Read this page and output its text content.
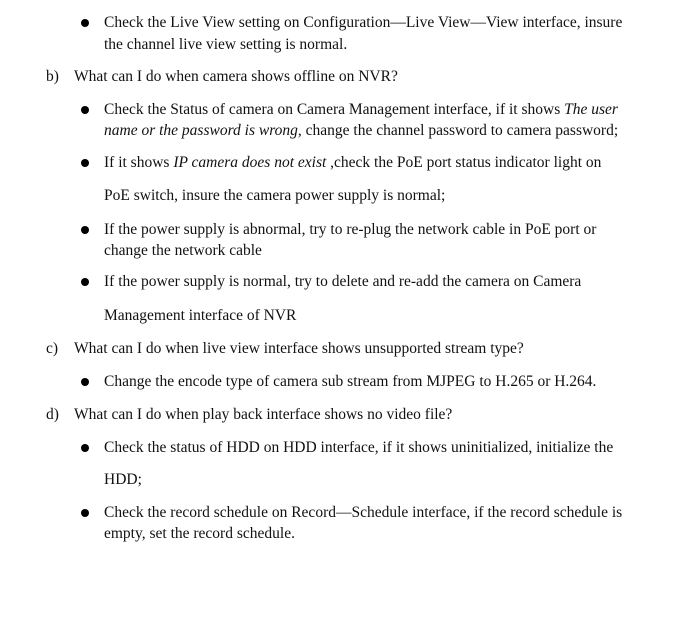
Check the Live View setting on Configuration—Live View—View interface, insure
the channel live view setting is normal.
b) What can I do when camera shows offline on NVR?
Check the Status of camera on Camera Management interface, if it shows The user
name or the password is wrong, change the channel password to camera password;
If it shows IP camera does not exist ,check the PoE port status indicator light on
PoE switch, insure the camera power supply is normal;
If the power supply is abnormal, try to re-plug the network cable in PoE port or
change the network cable
If the power supply is normal, try to delete and re-add the camera on Camera
Management interface of NVR
c) What can I do when live view interface shows unsupported stream type?
Change the encode type of camera sub stream from MJPEG to H.265 or H.264.
d) What can I do when play back interface shows no video file?
Check the status of HDD on HDD interface, if it shows uninitialized, initialize the
HDD;
Check the record schedule on Record—Schedule interface, if the record schedule is
empty, set the record schedule.
